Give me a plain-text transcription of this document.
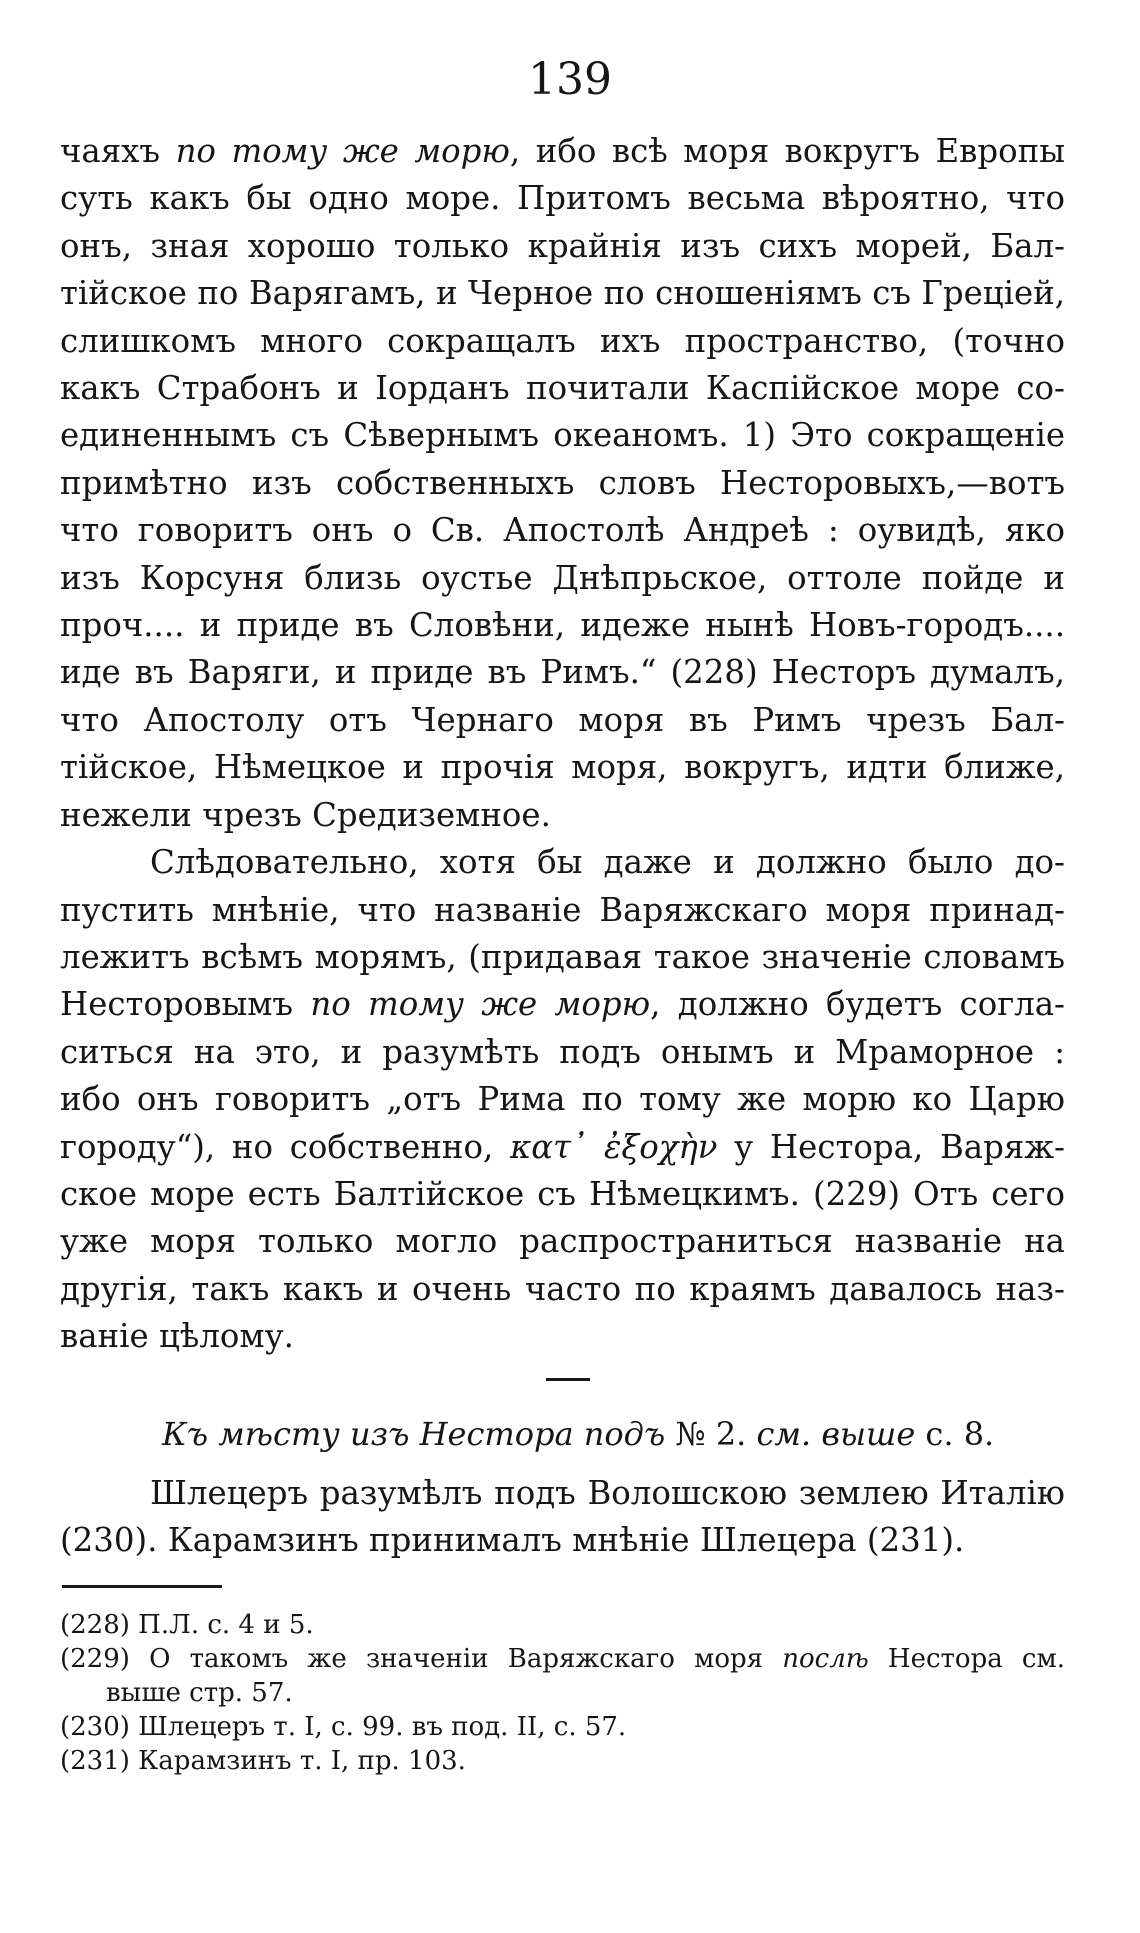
139
чаяхъ по тому же морю, ибо всѣ моря вокругъ Европы
суть какъ бы одно море. Притомъ весьма вѣроятно, что
онъ, зная хорошо только крайнія изъ сихъ морей, Бал-
тійское по Варягамъ, и Черное по сношеніямъ съ Греціей,
слишкомъ много сокращалъ ихъ пространство, (точно
какъ Страбонъ и Іорданъ почитали Каспійское море со-
единеннымъ съ Сѣвернымъ океаномъ. 1) Это сокращеніе
примѣтно изъ собственныхъ словъ Несторовыхъ,—вотъ
что говоритъ онъ о Св. Апостолѣ Андреѣ : оувидѣ, яко
изъ Корсуня близь оустье Днѣпрьское, оттоле пойде и
проч.... и приде въ Словѣни, идеже нынѣ Новъ-городъ....
иде въ Варяги, и приде въ Римъ.“ (228) Несторъ думалъ,
что Апостолу отъ Чернаго моря въ Римъ чрезъ Бал-
тійское, Нѣмецкое и прочія моря, вокругъ, идти ближе,
нежели чрезъ Средиземное.
Слѣдовательно, хотя бы даже и должно было до-
пустить мнѣніе, что названіе Варяжскаго моря принад-
лежитъ всѣмъ морямъ, (придавая такое значеніе словамъ
Несторовымъ по тому же морю, должно будетъ согла-
ситься на это, и разумѣть подъ онымъ и Мраморное :
ибо онъ говоритъ „отъ Рима по тому же морю ко Царю
городу“), но собственно, κατ᾽ ἐξοχὴν у Нестора, Варяж-
ское море есть Балтійское съ Нѣмецкимъ. (229) Отъ сего
уже моря только могло распространиться названіе на
другія, такъ какъ и очень часто по краямъ давалось наз-
ваніе цѣлому.
Къ мѣсту изъ Нестора подъ № 2. см. выше с. 8.
Шлецеръ разумѣлъ подъ Волошскою землею Италію
(230). Карамзинъ принималъ мнѣніе Шлецера (231).
(228) П.Л. с. 4 и 5.
(229) О такомъ же значеніи Варяжскаго моря послѣ Нестора см.
выше стр. 57.
(230) Шлецеръ т. I, с. 99. въ под. II, с. 57.
(231) Карамзинъ т. I, пр. 103.
